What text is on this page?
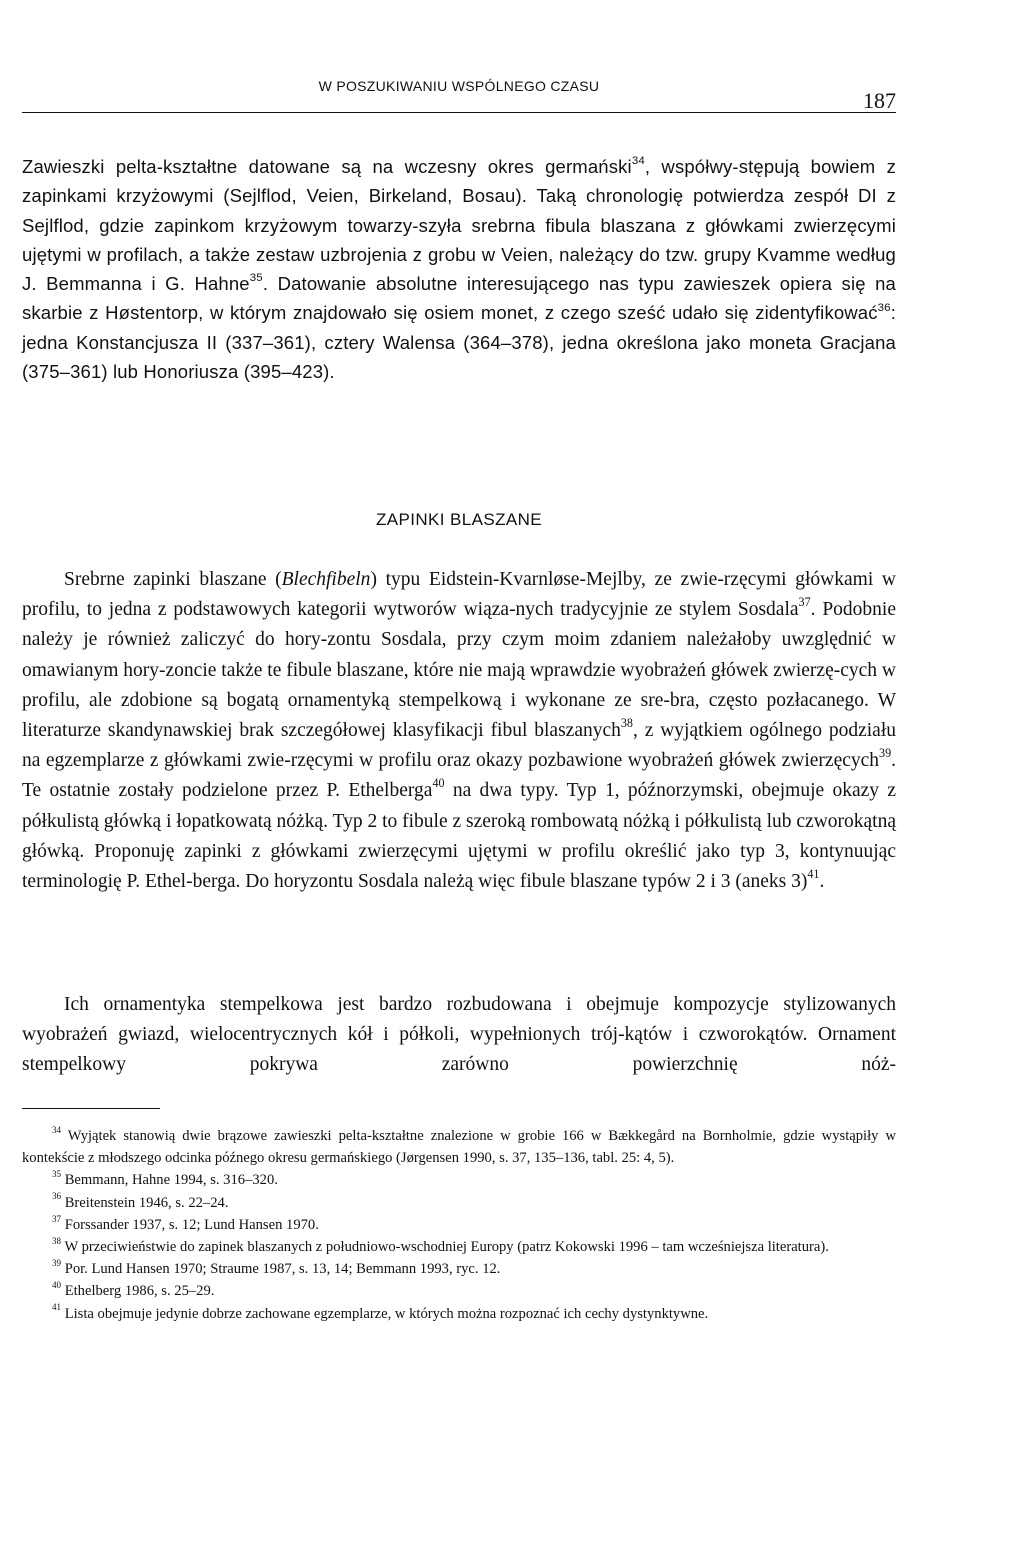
W POSZUKIWANIU WSPÓLNEGO CZASU
187

Zawieszki pelta-kształtne datowane są na wczesny okres germański$^{34}$, współwy-stępują bowiem z zapinkami krzyżowymi (Sejlflod, Veien, Birkeland, Bosau). Taką chronologię potwierdza zespół DI z Sejlflod, gdzie zapinkom krzyżowym towarzy-szyła srebrna fibula blaszana z główkami zwierzęcymi ujętymi w profilach, a także zestaw uzbrojenia z grobu w Veien, należący do tzw. grupy Kvamme według J. Bemmanna i G. Hahne$^{35}$. Datowanie absolutne interesującego nas typu zawieszek opiera się na skarbie z Høstentorp, w którym znajdowało się osiem monet, z czego sześć udało się zidentyfikować$^{36}$: jedna Konstancjusza II (337–361), cztery Walensa (364–378), jedna określona jako moneta Gracjana (375–361) lub Honoriusza (395–423).

ZAPINKI BLASZANE

Srebrne zapinki blaszane (Blechfibeln) typu Eidstein-Kvarnløse-Mejlby, ze zwie-rzęcymi główkami w profilu, to jedna z podstawowych kategorii wytworów wiąza-nych tradycyjnie ze stylem Sosdala$^{37}$. Podobnie należy je również zaliczyć do hory-zontu Sosdala, przy czym moim zdaniem należałoby uwzględnić w omawianym hory-zoncie także te fibule blaszane, które nie mają wprawdzie wyobrażeń główek zwierzę-cych w profilu, ale zdobione są bogatą ornamentyką stempelkową i wykonane ze sre-bra, często pozłacanego. W literaturze skandynawskiej brak szczegółowej klasyfikacji fibul blaszanych$^{38}$, z wyjątkiem ogólnego podziału na egzemplarze z główkami zwie-rzęcymi w profilu oraz okazy pozbawione wyobrażeń główek zwierzęcych$^{39}$. Te ostatnie zostały podzielone przez P. Ethelberga$^{40}$ na dwa typy. Typ 1, późnorzymski, obejmuje okazy z półkulistą główką i łopatkowatą nóżką. Typ 2 to fibule z szeroką rombowatą nóżką i półkulistą lub czworokątną główką. Proponuję zapinki z główkami zwierzęcymi ujętymi w profilu określić jako typ 3, kontynuując terminologię P. Ethel-berga. Do horyzontu Sosdala należą więc fibule blaszane typów 2 i 3 (aneks 3)$^{41}$.

Ich ornamentyka stempelkowa jest bardzo rozbudowana i obejmuje kompozycje stylizowanych wyobrażeń gwiazd, wielocentrycznych kół i półkoli, wypełnionych trój-kątów i czworokątów. Ornament stempelkowy pokrywa zarówno powierzchnię nóż-

$^{34}$ Wyjątek stanowią dwie brązowe zawieszki pelta-kształtne znalezione w grobie 166 w Bækkegård na Bornholmie, gdzie wystąpiły w kontekście z młodszego odcinka późnego okresu germańskiego (Jørgensen 1990, s. 37, 135–136, tabl. 25: 4, 5).

$^{35}$ Bemmann, Hahne 1994, s. 316–320.

$^{36}$ Breitenstein 1946, s. 22–24.

$^{37}$ Forssander 1937, s. 12; Lund Hansen 1970.

$^{38}$ W przeciwieństwie do zapinek blaszanych z południowo-wschodniej Europy (patrz Kokowski 1996 – tam wcześniejsza literatura).

$^{39}$ Por. Lund Hansen 1970; Straume 1987, s. 13, 14; Bemmann 1993, ryc. 12.

$^{40}$ Ethelberg 1986, s. 25–29.

$^{41}$ Lista obejmuje jedynie dobrze zachowane egzemplarze, w których można rozpoznać ich cechy dystynktywne.
